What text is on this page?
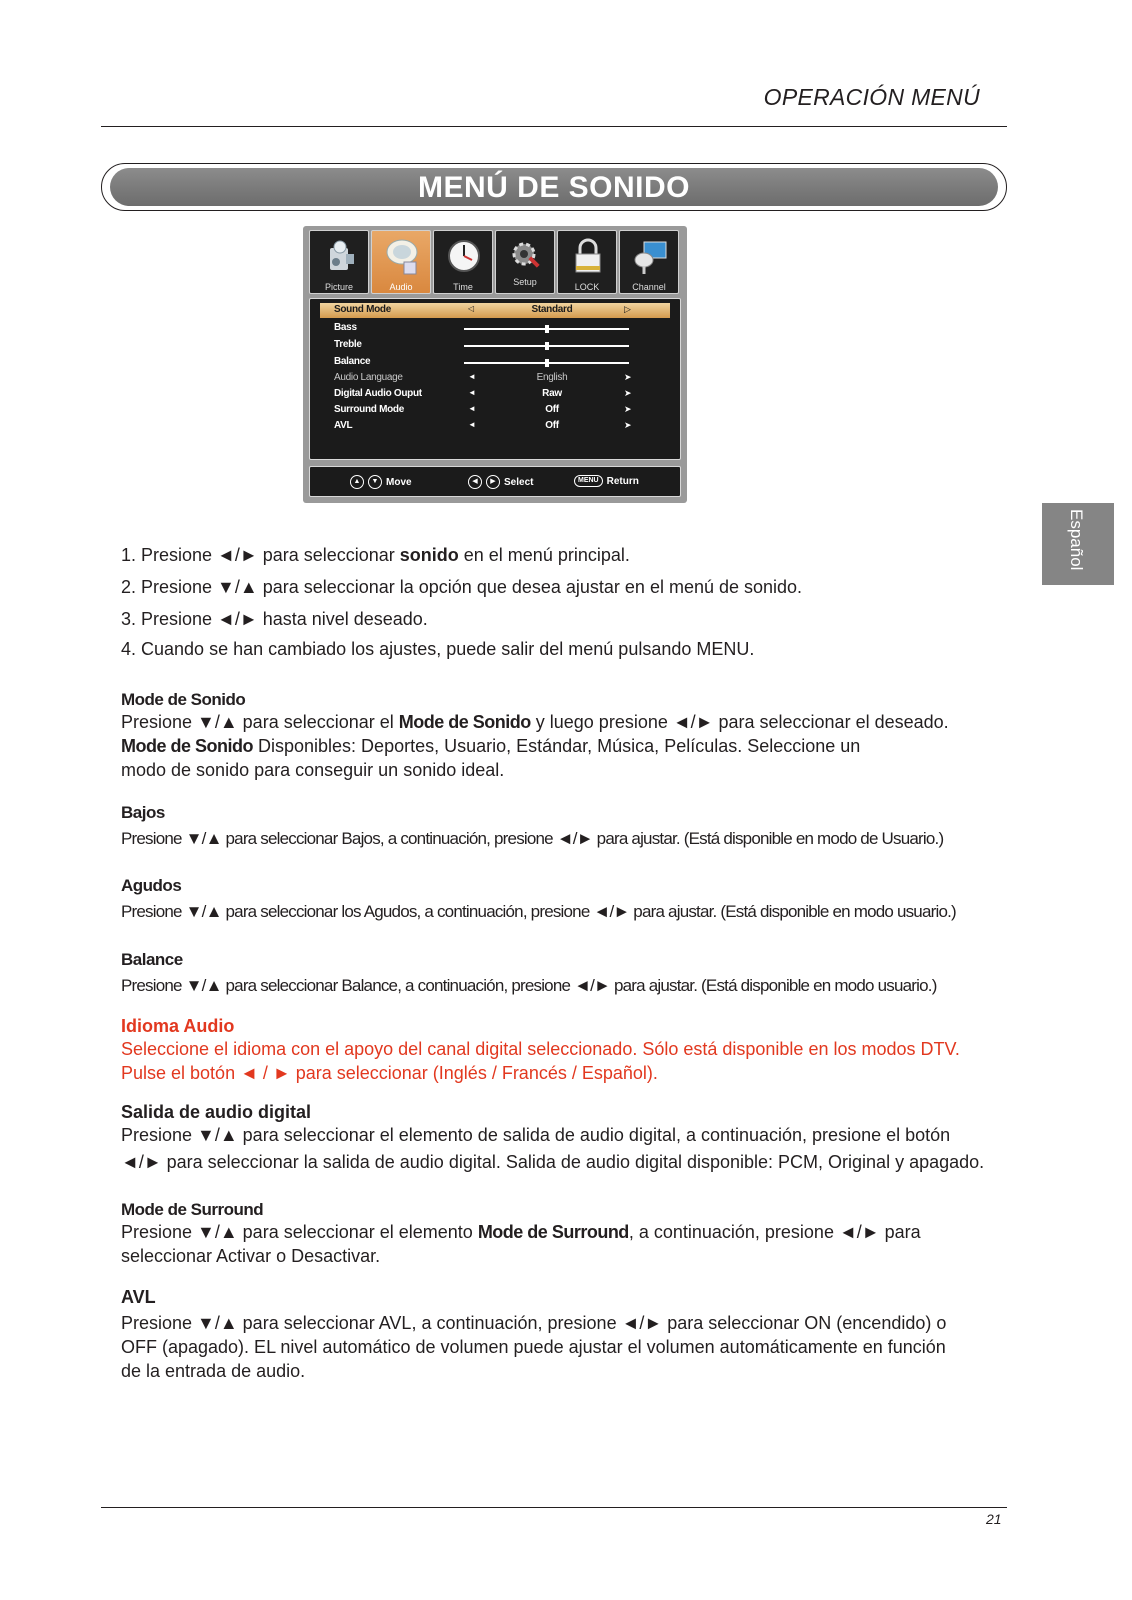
OPERACIÓN MENÚ
MENÚ DE SONIDO
Picture	Audio	Time	Setup	LOCK	Channel
Sound Mode	◁	Standard	▷
Bass
Treble
Balance
Audio Language	◄	English	➤
Digital Audio Ouput	◄	Raw	➤
Surround Mode	◄	Off	➤
AVL	◄	Off	➤
▲	▼ Move	◀	▶ Select	MENU Return
Español
1. Presione ◄/► para seleccionar sonido en el menú principal.
2. Presione ▼/▲ para seleccionar la opción que desea ajustar en el menú de sonido.
3. Presione ◄/► hasta nivel deseado.
4. Cuando se han cambiado los ajustes, puede salir del menú pulsando MENU.
Mode de Sonido
Presione ▼/▲ para seleccionar el Mode de Sonido y luego presione ◄/► para seleccionar el deseado.
Mode de Sonido Disponibles: Deportes, Usuario, Estándar, Música, Películas. Seleccione un
modo de sonido para conseguir un sonido ideal.
Bajos
Presione ▼/▲ para seleccionar Bajos, a continuación, presione ◄/► para ajustar. (Está disponible en modo de Usuario.)
Agudos
Presione ▼/▲ para seleccionar los Agudos, a continuación, presione ◄/► para ajustar. (Está disponible en modo usuario.)
Balance
Presione ▼/▲ para seleccionar Balance, a continuación, presione ◄/► para ajustar. (Está disponible en modo usuario.)
Idioma Audio
Seleccione el idioma con el apoyo del canal digital seleccionado. Sólo está disponible en los modos DTV.
Pulse el botón ◄ / ► para seleccionar (Inglés / Francés / Español).
Salida de audio digital
Presione ▼/▲ para seleccionar el elemento de salida de audio digital, a continuación, presione el botón
◄/► para seleccionar la salida de audio digital. Salida de audio digital disponible: PCM, Original y apagado.
Mode de Surround
Presione ▼/▲ para seleccionar el elemento Mode de Surround, a continuación, presione ◄/► para
seleccionar Activar o Desactivar.
AVL
Presione ▼/▲ para seleccionar AVL, a continuación, presione ◄/► para seleccionar ON (encendido) o
OFF (apagado). EL nivel automático de volumen puede ajustar el volumen automáticamente en función
de la entrada de audio.
21
